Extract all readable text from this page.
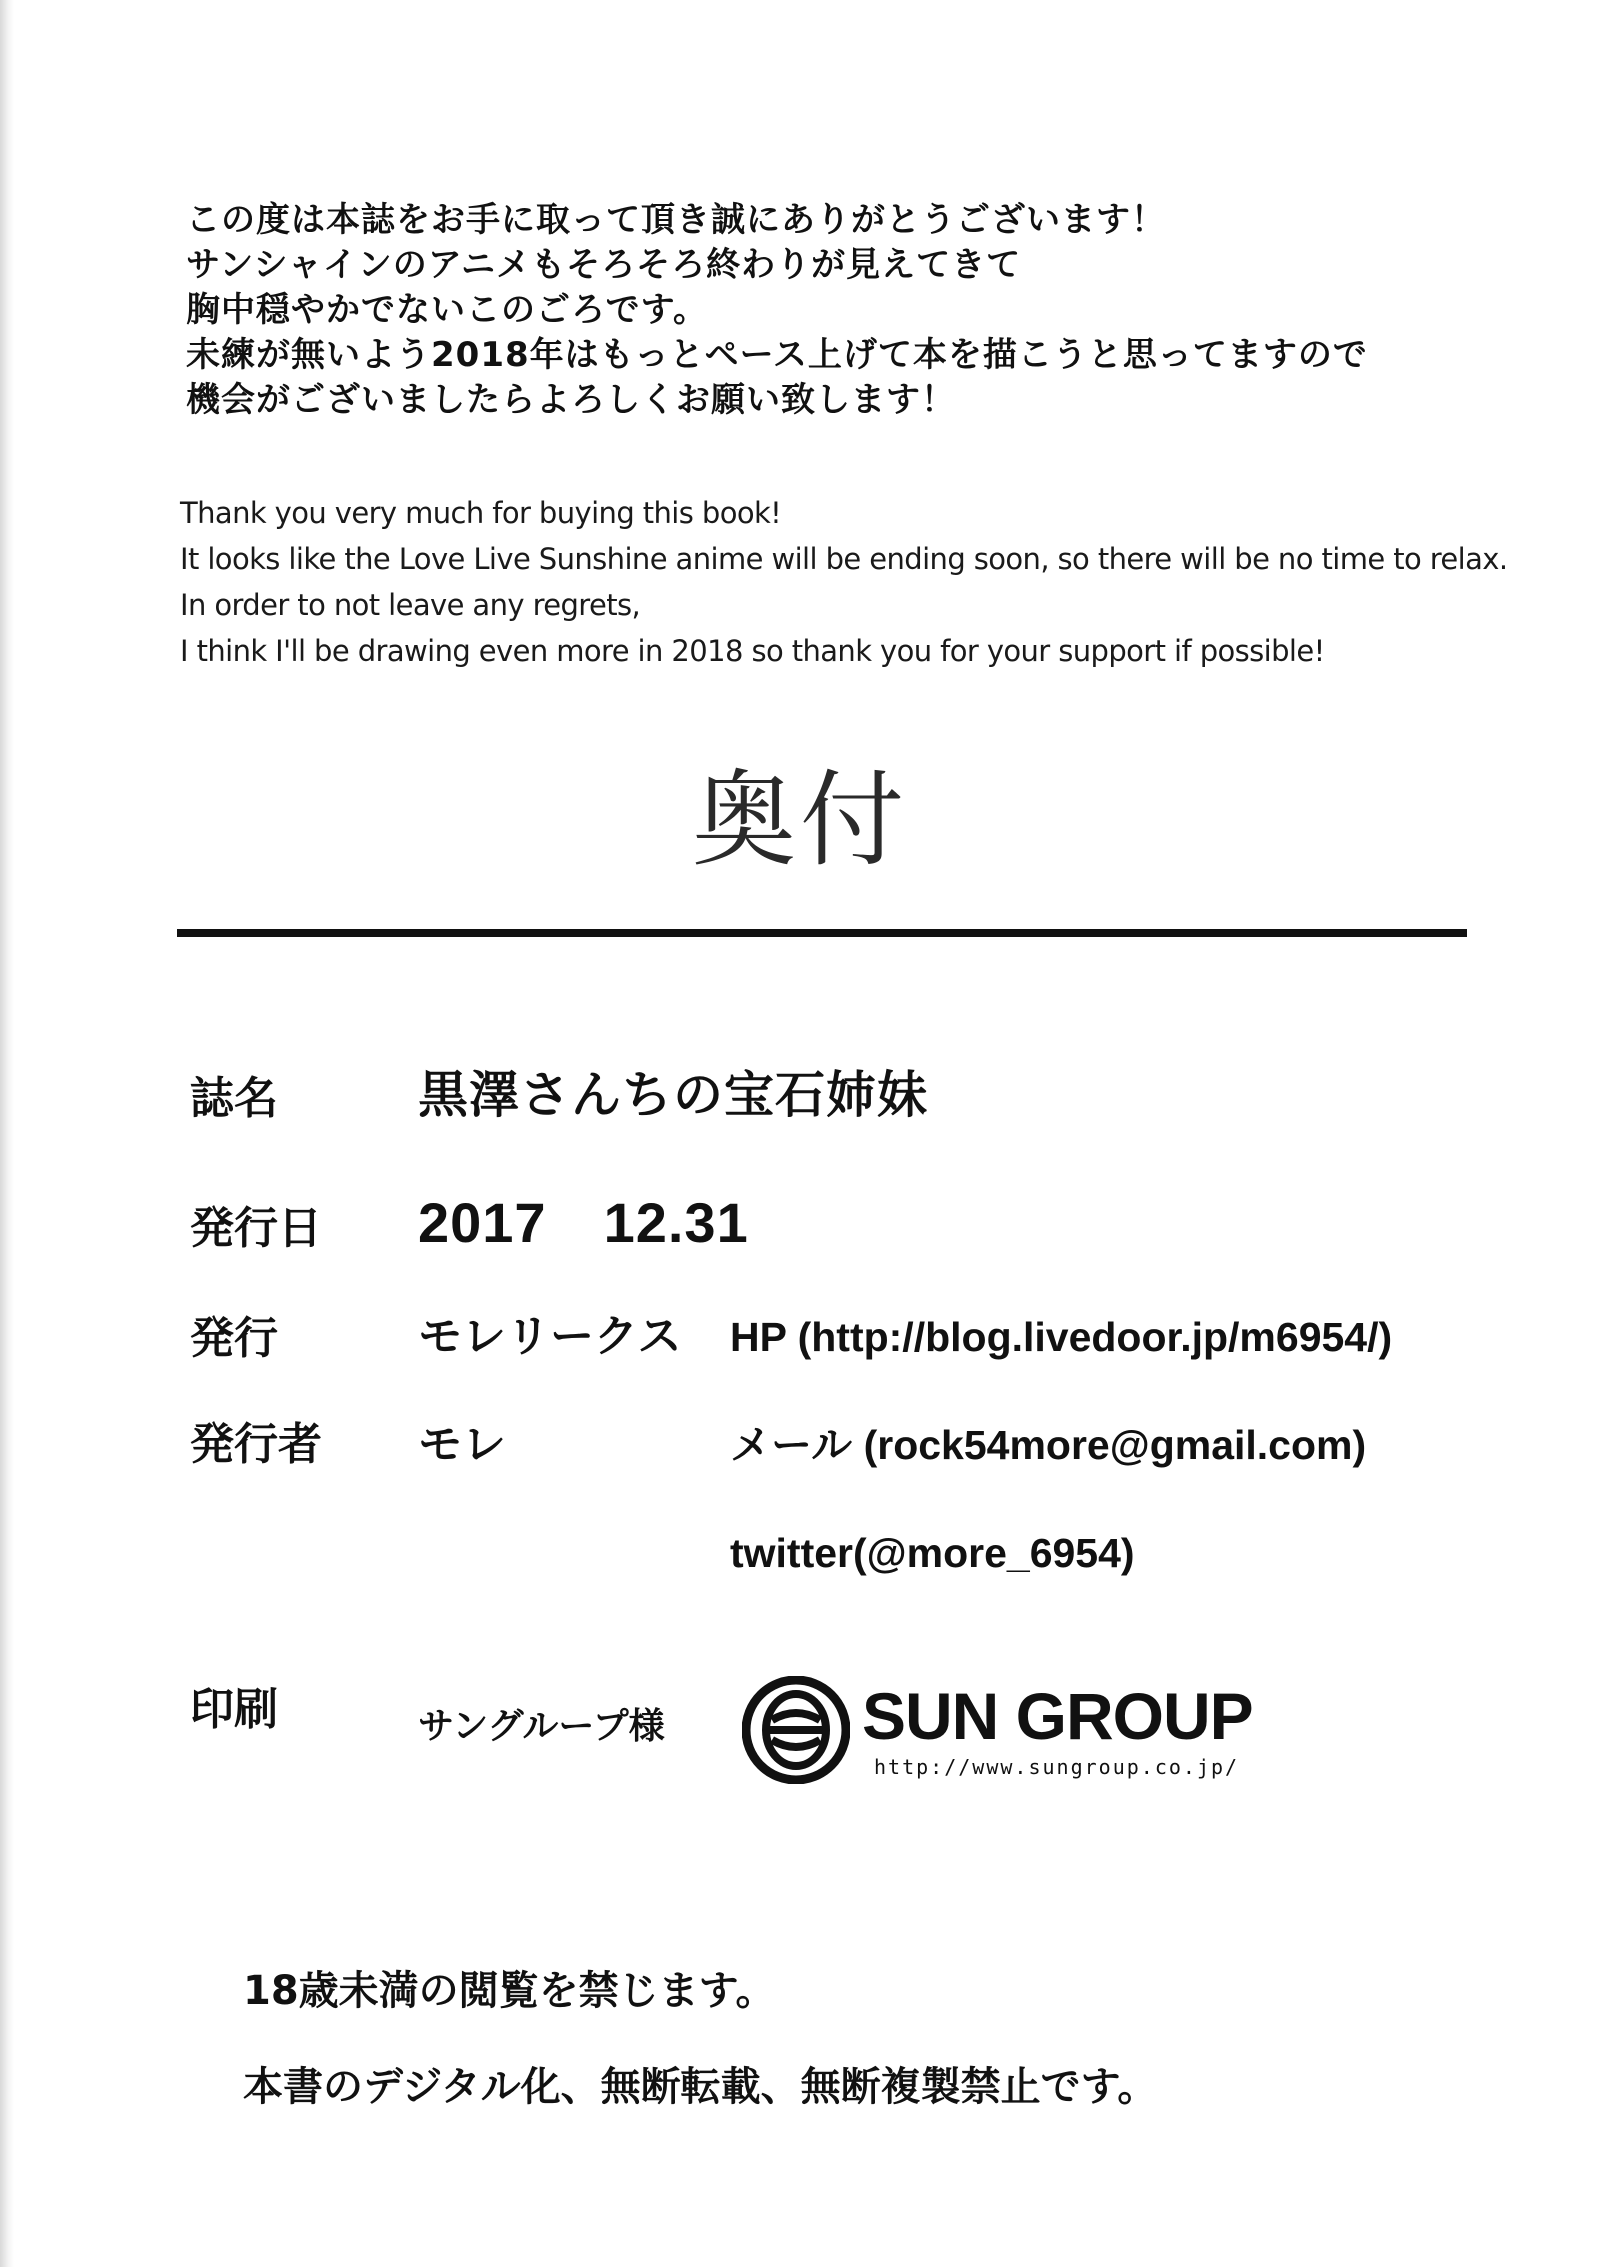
この度は本誌をお手に取って頂き誠にありがとうございます！
サンシャインのアニメもそろそろ終わりが見えてきて
胸中穏やかでないこのごろです。
未練が無いよう2018年はもっとペース上げて本を描こうと思ってますので
機会がございましたらよろしくお願い致します！
Thank you very much for buying this book!
It looks like the Love Live Sunshine anime will be ending soon, so there will be no time to relax.
In order to not leave any regrets,
I think I'll be drawing even more in 2018 so thank you for your support if possible!
奥付
誌名	黒澤さんちの宝石姉妹
発行日 2017　12.31
発行	モレリークス HP (http://blog.livedoor.jp/m6954/)
発行者 モレ	メール (rock54more@gmail.com)
twitter(@more_6954)
印刷	サングループ様	SUN GROUP
http://www.sungroup.co.jp/
18歳未満の閲覧を禁じます。
本書のデジタル化、無断転載、無断複製禁止です。
